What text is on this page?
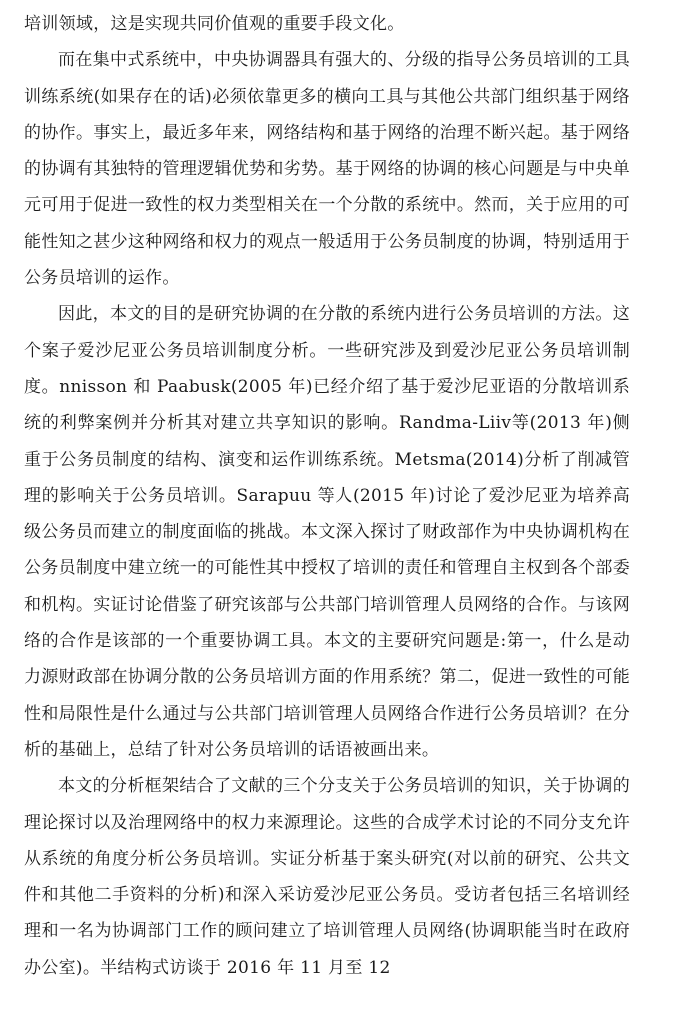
培训领域，这是实现共同价值观的重要手段文化。

而在集中式系统中，中央协调器具有强大的、分级的指导公务员培训的工具训练系统(如果存在的话)必须依靠更多的横向工具与其他公共部门组织基于网络的协作。事实上，最近多年来，网络结构和基于网络的治理不断兴起。基于网络的协调有其独特的管理逻辑优势和劣势。基于网络的协调的核心问题是与中央单元可用于促进一致性的权力类型相关在一个分散的系统中。然而，关于应用的可能性知之甚少这种网络和权力的观点一般适用于公务员制度的协调，特别适用于公务员培训的运作。

因此，本文的目的是研究协调的在分散的系统内进行公务员培训的方法。这个案子爱沙尼亚公务员培训制度分析。一些研究涉及到爱沙尼亚公务员培训制度。nnisson 和 Paabusk(2005 年)已经介绍了基于爱沙尼亚语的分散培训系统的利弊案例并分析其对建立共享知识的影响。Randma-Liiv等(2013 年)侧重于公务员制度的结构、演变和运作训练系统。Metsma(2014)分析了削减管理的影响关于公务员培训。Sarapuu 等人(2015 年)讨论了爱沙尼亚为培养高级公务员而建立的制度面临的挑战。本文深入探讨了财政部作为中央协调机构在公务员制度中建立统一的可能性其中授权了培训的责任和管理自主权到各个部委和机构。实证讨论借鉴了研究该部与公共部门培训管理人员网络的合作。与该网络的合作是该部的一个重要协调工具。本文的主要研究问题是:第一，什么是动力源财政部在协调分散的公务员培训方面的作用系统？第二，促进一致性的可能性和局限性是什么通过与公共部门培训管理人员网络合作进行公务员培训？在分析的基础上，总结了针对公务员培训的话语被画出来。

本文的分析框架结合了文献的三个分支关于公务员培训的知识，关于协调的理论探讨以及治理网络中的权力来源理论。这些的合成学术讨论的不同分支允许从系统的角度分析公务员培训。实证分析基于案头研究(对以前的研究、公共文件和其他二手资料的分析)和深入采访爱沙尼亚公务员。受访者包括三名培训经理和一名为协调部门工作的顾问建立了培训管理人员网络(协调职能当时在政府办公室)。半结构式访谈于 2016 年 11 月至 12
